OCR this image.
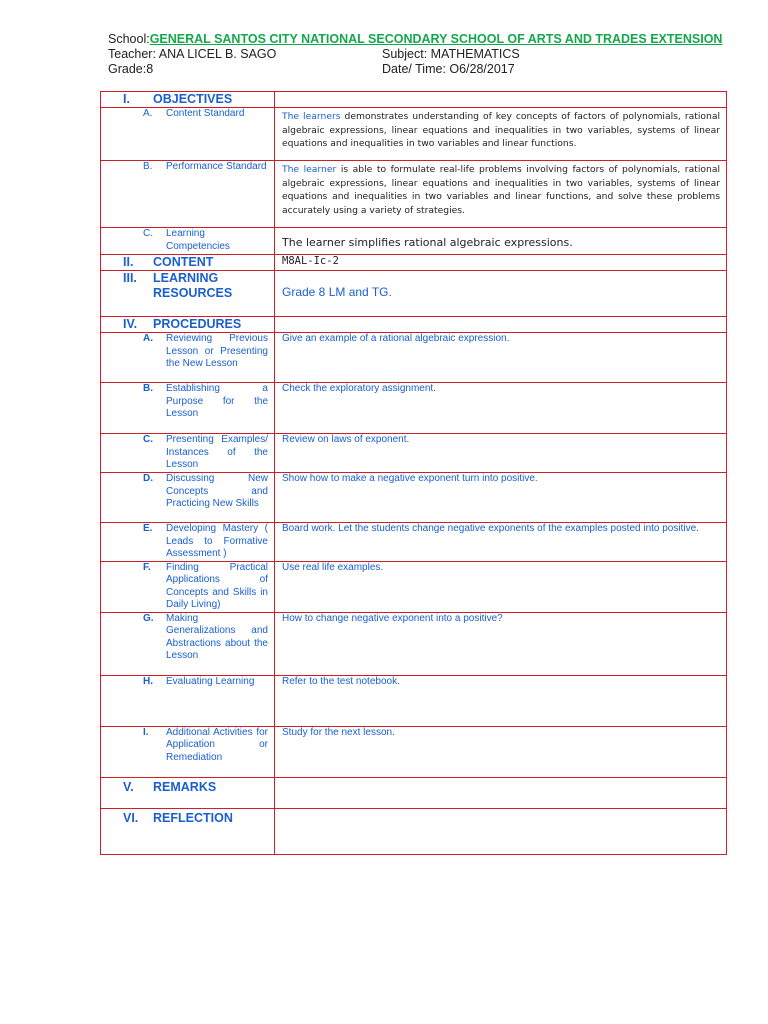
School: GENERAL SANTOS CITY NATIONAL SECONDARY SCHOOL OF ARTS AND TRADES EXTENSION
Teacher: ANA LICEL B. SAGO	Subject: MATHEMATICS
Grade:8	Date/ Time: O6/28/2017
I. OBJECTIVES	

A. Content Standard	The learners demonstrates understanding of key concepts of factors of polynomials, rational algebraic expressions, linear equations and inequalities in two variables, systems of linear equations and inequalities in two variables and linear functions.

B. Performance Standard	The learner is able to formulate real-life problems involving factors of polynomials, rational algebraic expressions, linear equations and inequalities in two variables, systems of linear equations and inequalities in two variables and linear functions, and solve these problems accurately using a variety of strategies.

C. Learning Competencies	The learner simplifies rational algebraic expressions.

II. CONTENT	M8AL-Ic-2

III. LEARNING RESOURCES	Grade 8 LM and TG.

IV. PROCEDURES	

A. Reviewing Previous Lesson or Presenting the New Lesson	Give an example of a rational algebraic expression.

B. Establishing a Purpose for the Lesson	Check the exploratory assignment.

C. Presenting Examples/ Instances of the Lesson	Review on laws of exponent.

D. Discussing New Concepts and Practicing New Skills	Show how to make a negative exponent turn into positive.

E. Developing Mastery ( Leads to Formative Assessment )	Board work. Let the students change negative exponents of the examples posted into positive.

F. Finding Practical Applications of Concepts and Skills in Daily Living)	Use real life examples.

G. Making Generalizations and Abstractions about the Lesson	How to change negative exponent into a positive?

H. Evaluating Learning	Refer to the test notebook.

I. Additional Activities for Application or Remediation	Study for the next lesson.

V. REMARKS	

VI. REFLECTION	
